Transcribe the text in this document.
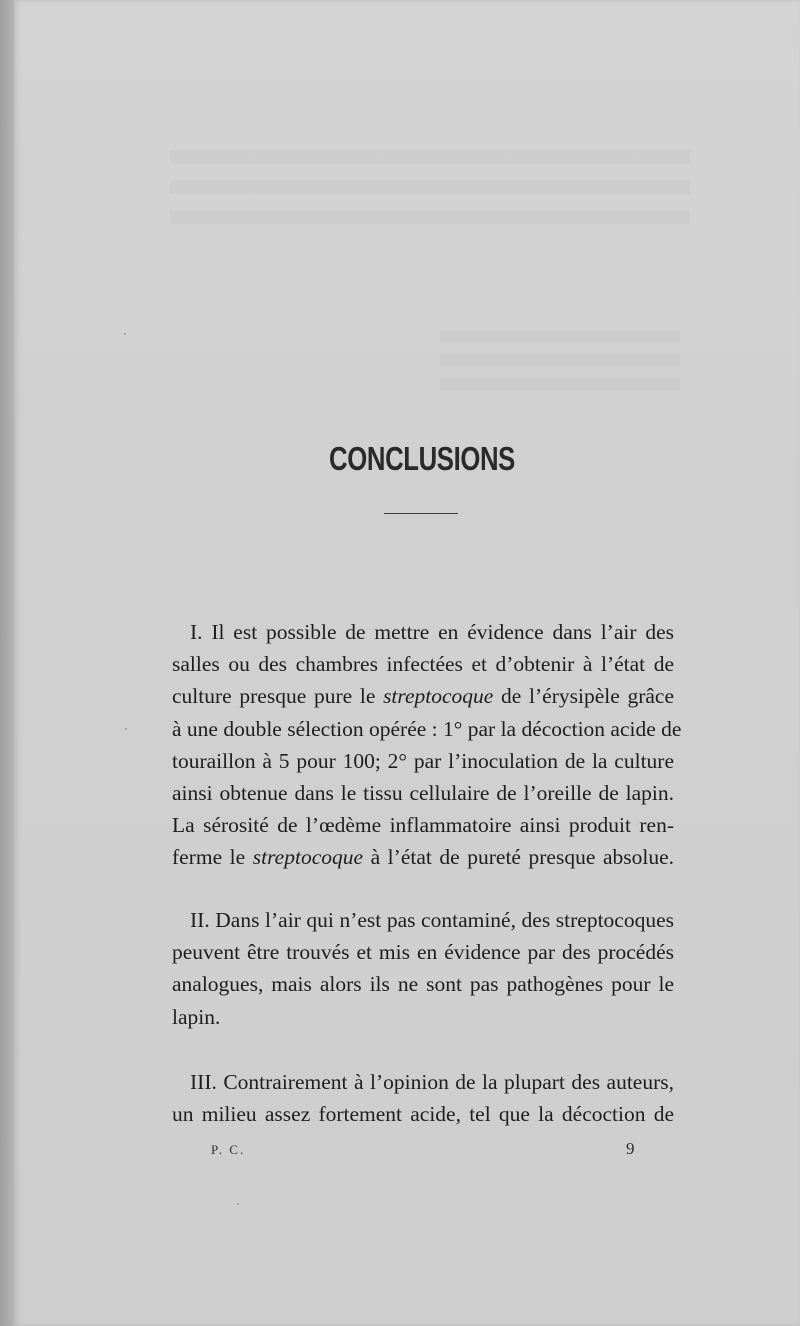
CONCLUSIONS
I. Il est possible de mettre en évidence dans l’air des
salles ou des chambres infectées et d’obtenir à l’état de
culture presque pure le streptocoque de l’érysipèle grâce
à une double sélection opérée : 1° par la décoction acide de
touraillon à 5 pour 100; 2° par l’inoculation de la culture
ainsi obtenue dans le tissu cellulaire de l’oreille de lapin.
La sérosité de l’œdème inflammatoire ainsi produit ren-
ferme le streptocoque à l’état de pureté presque absolue.
II. Dans l’air qui n’est pas contaminé, des streptocoques
peuvent être trouvés et mis en évidence par des procédés
analogues, mais alors ils ne sont pas pathogènes pour le
lapin.
III. Contrairement à l’opinion de la plupart des auteurs,
un milieu assez fortement acide, tel que la décoction de
P. C.	9
